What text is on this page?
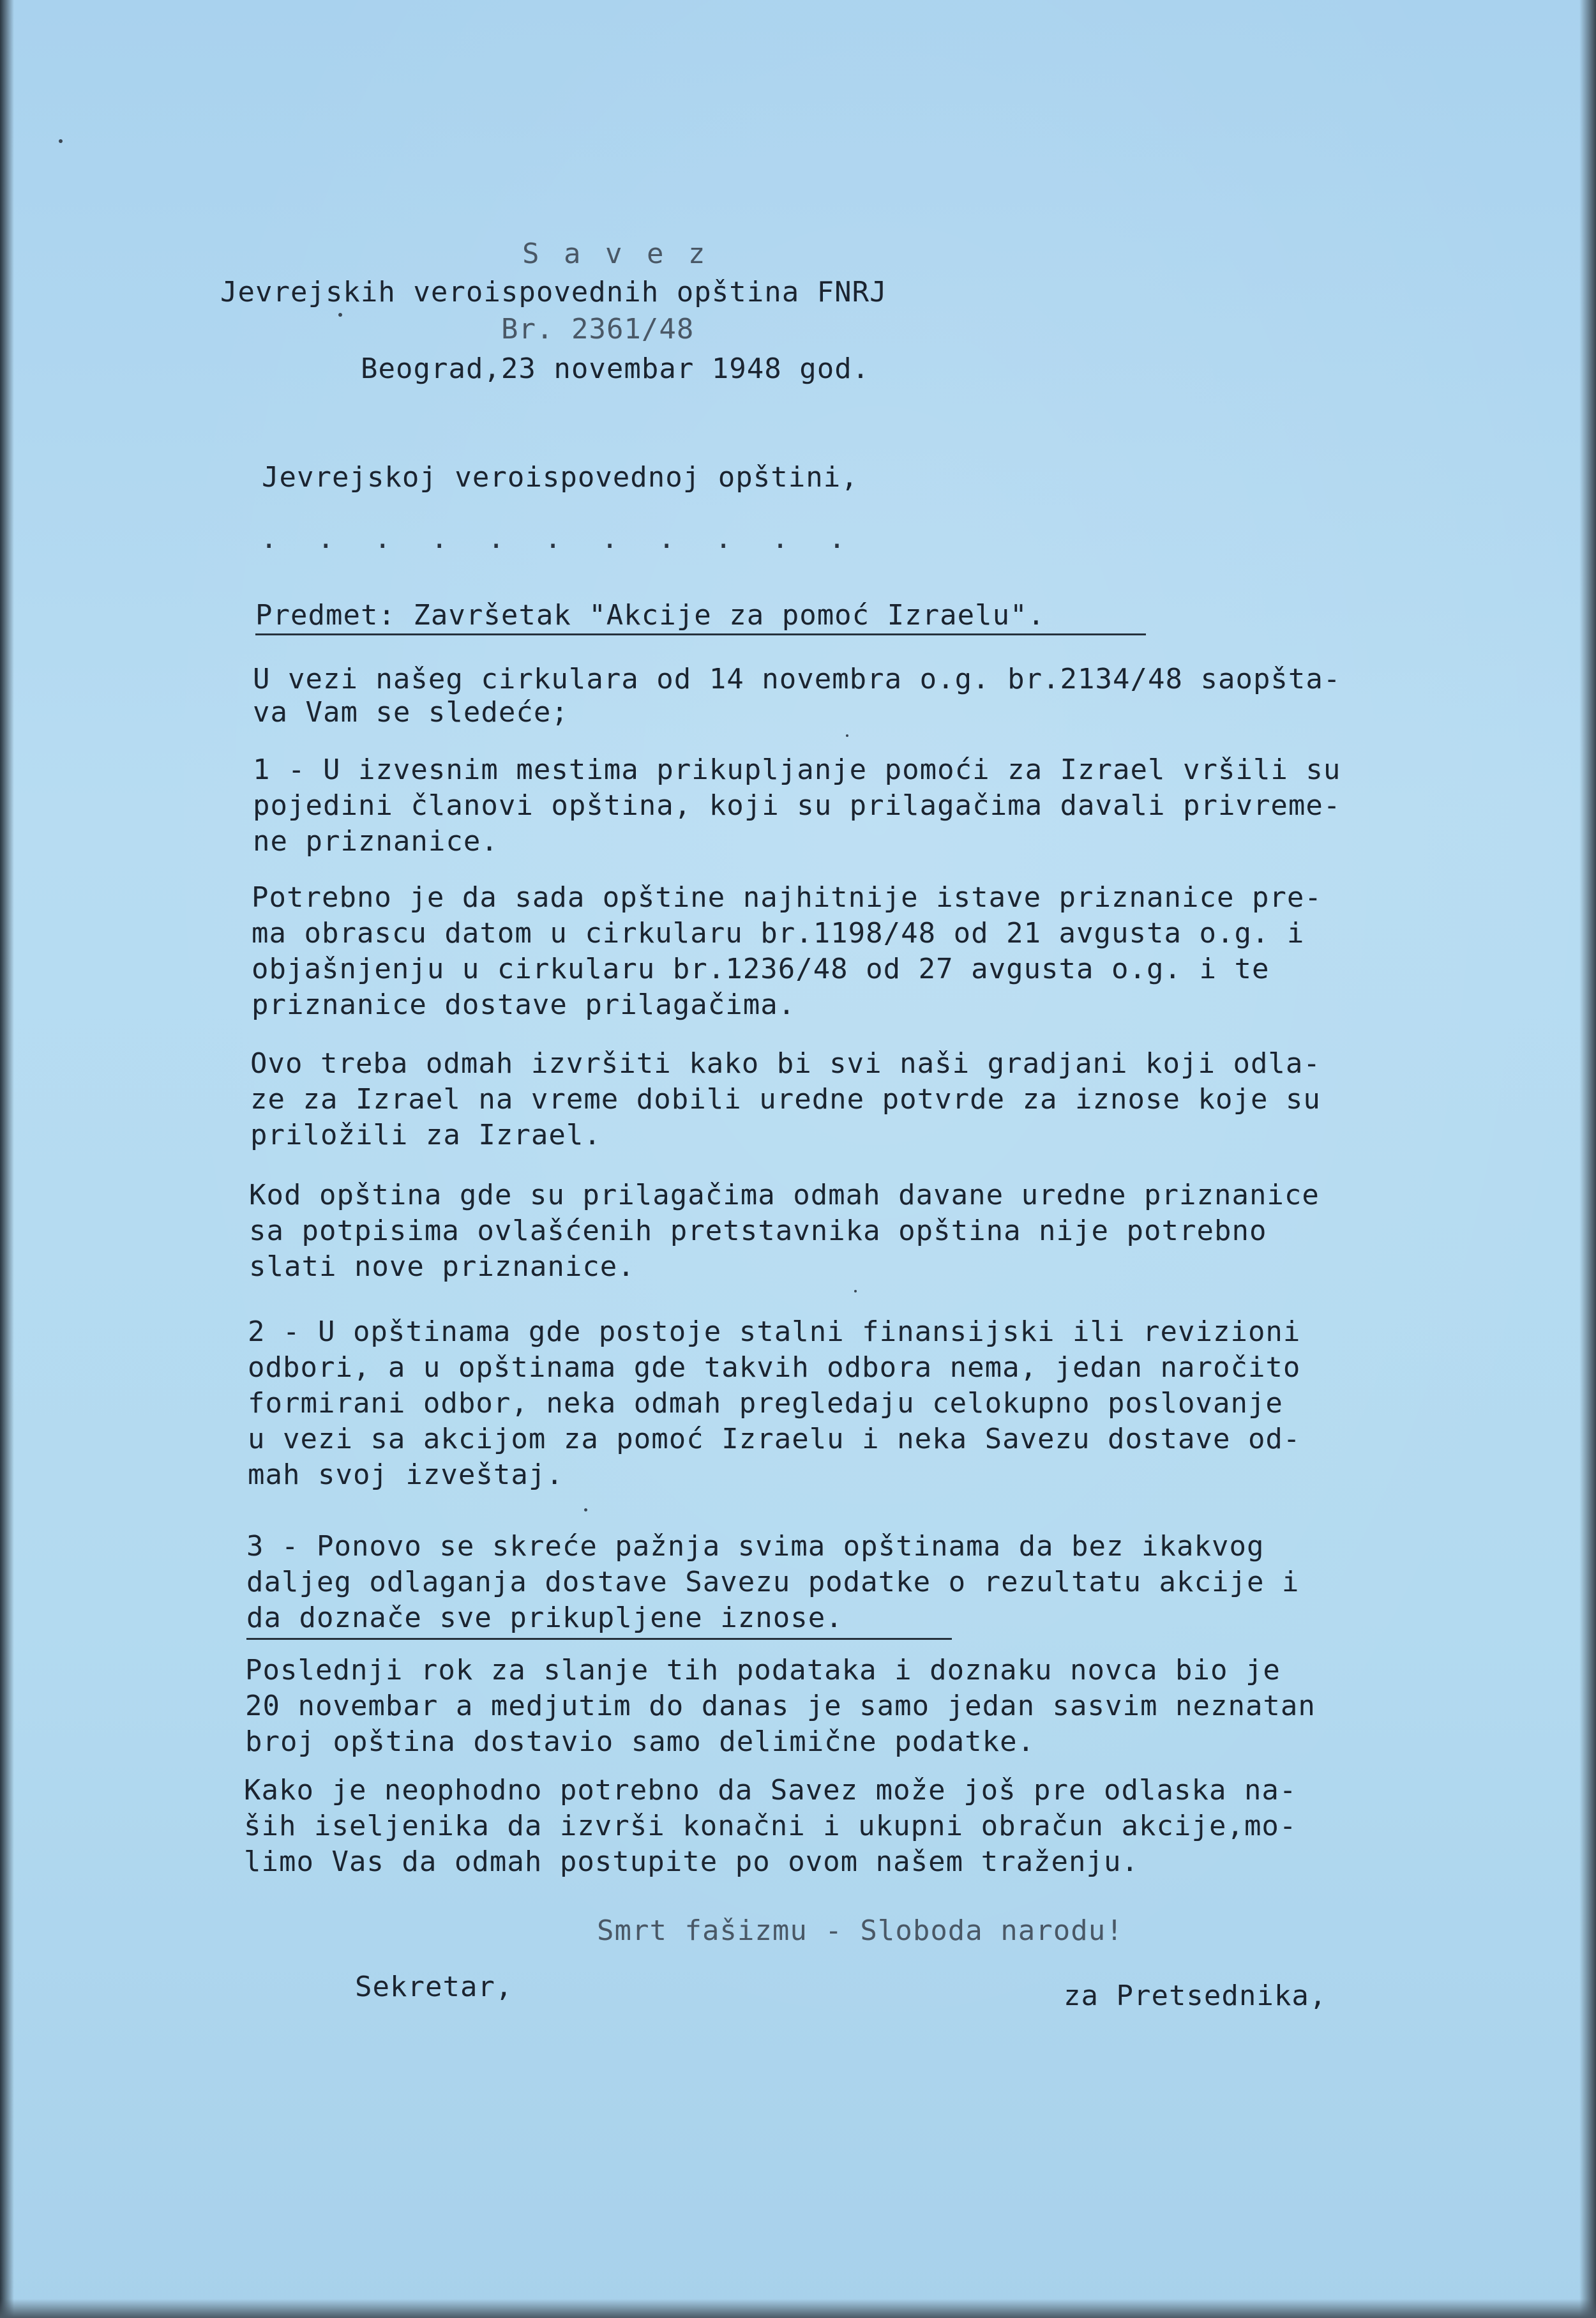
S a v e z
Jevrejskih veroispovednih opština FNRJ
Br. 2361/48
Beograd,23 novembar 1948 god.
Jevrejskoj veroispovednoj opštini,
. . . . . . . . . . .
Predmet: Završetak "Akcije za pomoć Izraelu".
U vezi našeg cirkulara od 14 novembra o.g. br.2134/48 saopšta-
va Vam se sledeće;
1 - U izvesnim mestima prikupljanje pomoći za Izrael vršili su
pojedini članovi opština, koji su prilagačima davali privreme-
ne priznanice.
Potrebno je da sada opštine najhitnije istave priznanice pre-
ma obrascu datom u cirkularu br.1198/48 od 21 avgusta o.g. i
objašnjenju u cirkularu br.1236/48 od 27 avgusta o.g. i te
priznanice dostave prilagačima.
Ovo treba odmah izvršiti kako bi svi naši gradjani koji odla-
ze za Izrael na vreme dobili uredne potvrde za iznose koje su
priložili za Izrael.
Kod opština gde su prilagačima odmah davane uredne priznanice
sa potpisima ovlašćenih pretstavnika opština nije potrebno
slati nove priznanice.
2 - U opštinama gde postoje stalni finansijski ili revizioni
odbori, a u opštinama gde takvih odbora nema, jedan naročito
formirani odbor, neka odmah pregledaju celokupno poslovanje
u vezi sa akcijom za pomoć Izraelu i neka Savezu dostave od-
mah svoj izveštaj.
3 - Ponovo se skreće pažnja svima opštinama da bez ikakvog
daljeg odlaganja dostave Savezu podatke o rezultatu akcije i
da doznače sve prikupljene iznose.
Poslednji rok za slanje tih podataka i doznaku novca bio je
20 novembar a medjutim do danas je samo jedan sasvim neznatan
broj opština dostavio samo delimične podatke.
Kako je neophodno potrebno da Savez može još pre odlaska na-
ših iseljenika da izvrši konačni i ukupni obračun akcije,mo-
limo Vas da odmah postupite po ovom našem traženju.
Smrt fašizmu - Sloboda narodu!
Sekretar,	za Pretsednika,
